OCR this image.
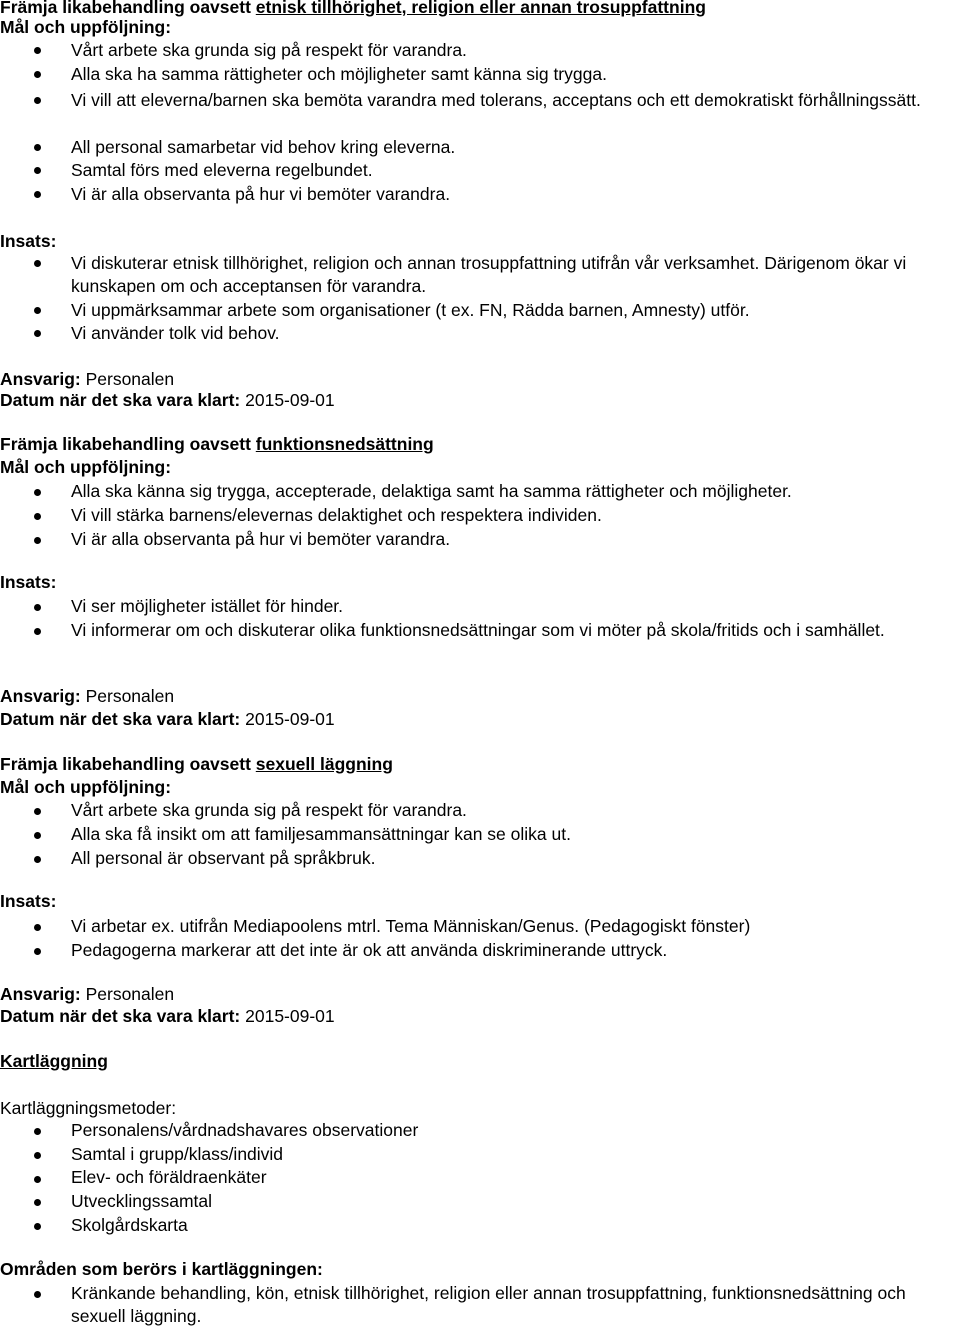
Främja likabehandling oavsett etnisk tillhörighet, religion eller annan trosuppfattning
Mål och uppföljning:
Vårt arbete ska grunda sig på respekt för varandra.
Alla ska ha samma rättigheter och möjligheter samt känna sig trygga.
Vi vill att eleverna/barnen ska bemöta varandra med tolerans, acceptans och ett demokratiskt förhållningssätt.
All personal samarbetar vid behov kring eleverna.
Samtal förs med eleverna regelbundet.
Vi är alla observanta på hur vi bemöter varandra.
Insats:
Vi diskuterar etnisk tillhörighet, religion och annan trosuppfattning utifrån vår verksamhet. Därigenom ökar vi kunskapen om och acceptansen för varandra.
Vi uppmärksammar arbete som organisationer (t ex. FN, Rädda barnen, Amnesty) utför.
Vi använder tolk vid behov.
Ansvarig: Personalen
Datum när det ska vara klart: 2015-09-01
Främja likabehandling oavsett funktionsnedsättning
Mål och uppföljning:
Alla ska känna sig trygga, accepterade, delaktiga samt ha samma rättigheter och möjligheter.
Vi vill stärka barnens/elevernas delaktighet och respektera individen.
Vi är alla observanta på hur vi bemöter varandra.
Insats:
Vi ser möjligheter istället för hinder.
Vi informerar om och diskuterar olika funktionsnedsättningar som vi möter på skola/fritids och i samhället.
Ansvarig: Personalen
Datum när det ska vara klart: 2015-09-01
Främja likabehandling oavsett sexuell läggning
Mål och uppföljning:
Vårt arbete ska grunda sig på respekt för varandra.
Alla ska få insikt om att familjesammansättningar kan se olika ut.
All personal är observant på språkbruk.
Insats:
Vi arbetar ex. utifrån Mediapoolens mtrl. Tema Människan/Genus. (Pedagogiskt fönster)
Pedagogerna markerar att det inte är ok att använda diskriminerande uttryck.
Ansvarig: Personalen
Datum när det ska vara klart: 2015-09-01
Kartläggning
Kartläggningsmetoder:
Personalens/vårdnadshavares observationer
Samtal i grupp/klass/individ
Elev- och föräldraenkäter
Utvecklingssamtal
Skolgårdskarta
Områden som berörs i kartläggningen:
Kränkande behandling, kön, etnisk tillhörighet, religion eller annan trosuppfattning, funktionsnedsättning och sexuell läggning.
